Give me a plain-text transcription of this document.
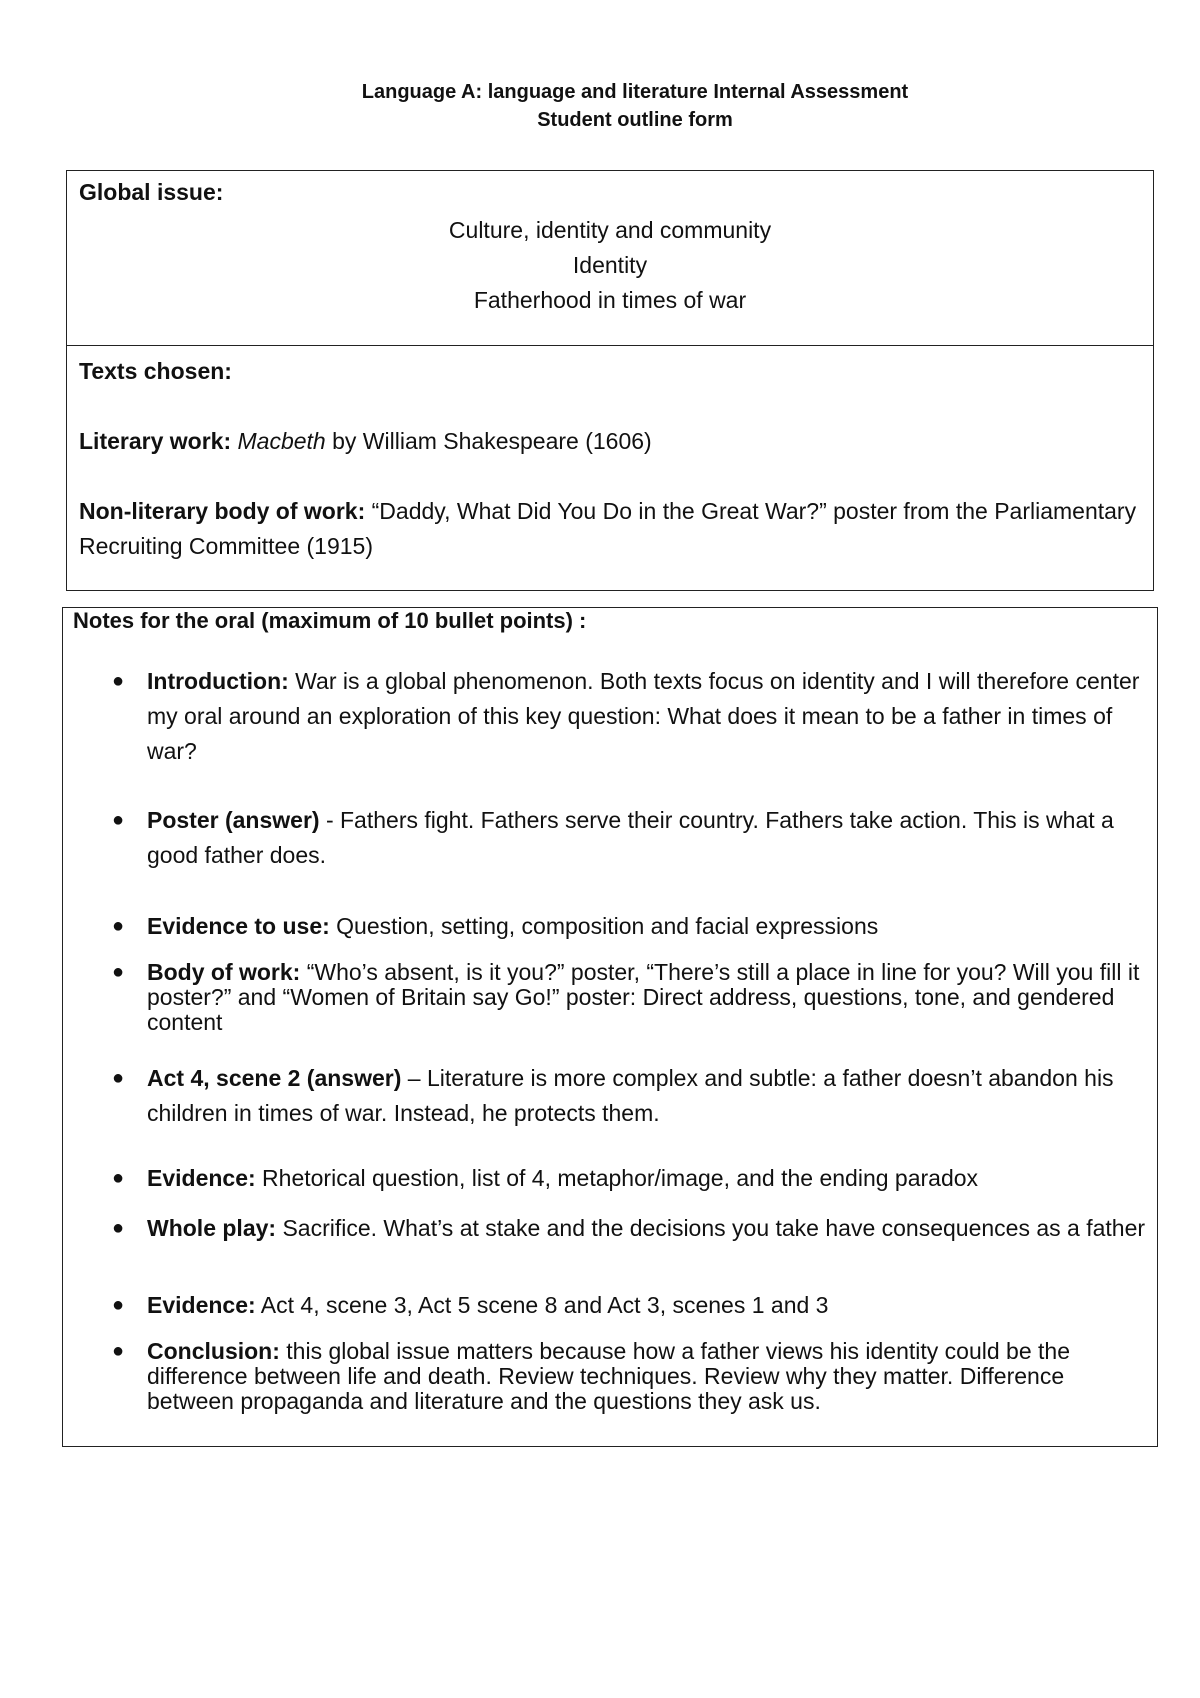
Language A: language and literature Internal Assessment
Student outline form
Global issue:
Culture, identity and community
Identity
Fatherhood in times of war

Texts chosen:

Literary work: Macbeth by William Shakespeare (1606)

Non-literary body of work: “Daddy, What Did You Do in the Great War?” poster from the Parliamentary Recruiting Committee (1915)

Notes for the oral (maximum of 10 bullet points) :
● Introduction: War is a global phenomenon. Both texts focus on identity and I will therefore center my oral around an exploration of this key question: What does it mean to be a father in times of war?
● Poster (answer) - Fathers fight. Fathers serve their country. Fathers take action. This is what a good father does.
● Evidence to use: Question, setting, composition and facial expressions
● Body of work: “Who’s absent, is it you?” poster, “There’s still a place in line for you? Will you fill it poster?” and “Women of Britain say Go!” poster: Direct address, questions, tone, and gendered content
● Act 4, scene 2 (answer) – Literature is more complex and subtle: a father doesn’t abandon his children in times of war. Instead, he protects them.
● Evidence: Rhetorical question, list of 4, metaphor/image, and the ending paradox
● Whole play: Sacrifice. What’s at stake and the decisions you take have consequences as a father
● Evidence: Act 4, scene 3, Act 5 scene 8 and Act 3, scenes 1 and 3
● Conclusion: this global issue matters because how a father views his identity could be the difference between life and death. Review techniques. Review why they matter. Difference between propaganda and literature and the questions they ask us.
